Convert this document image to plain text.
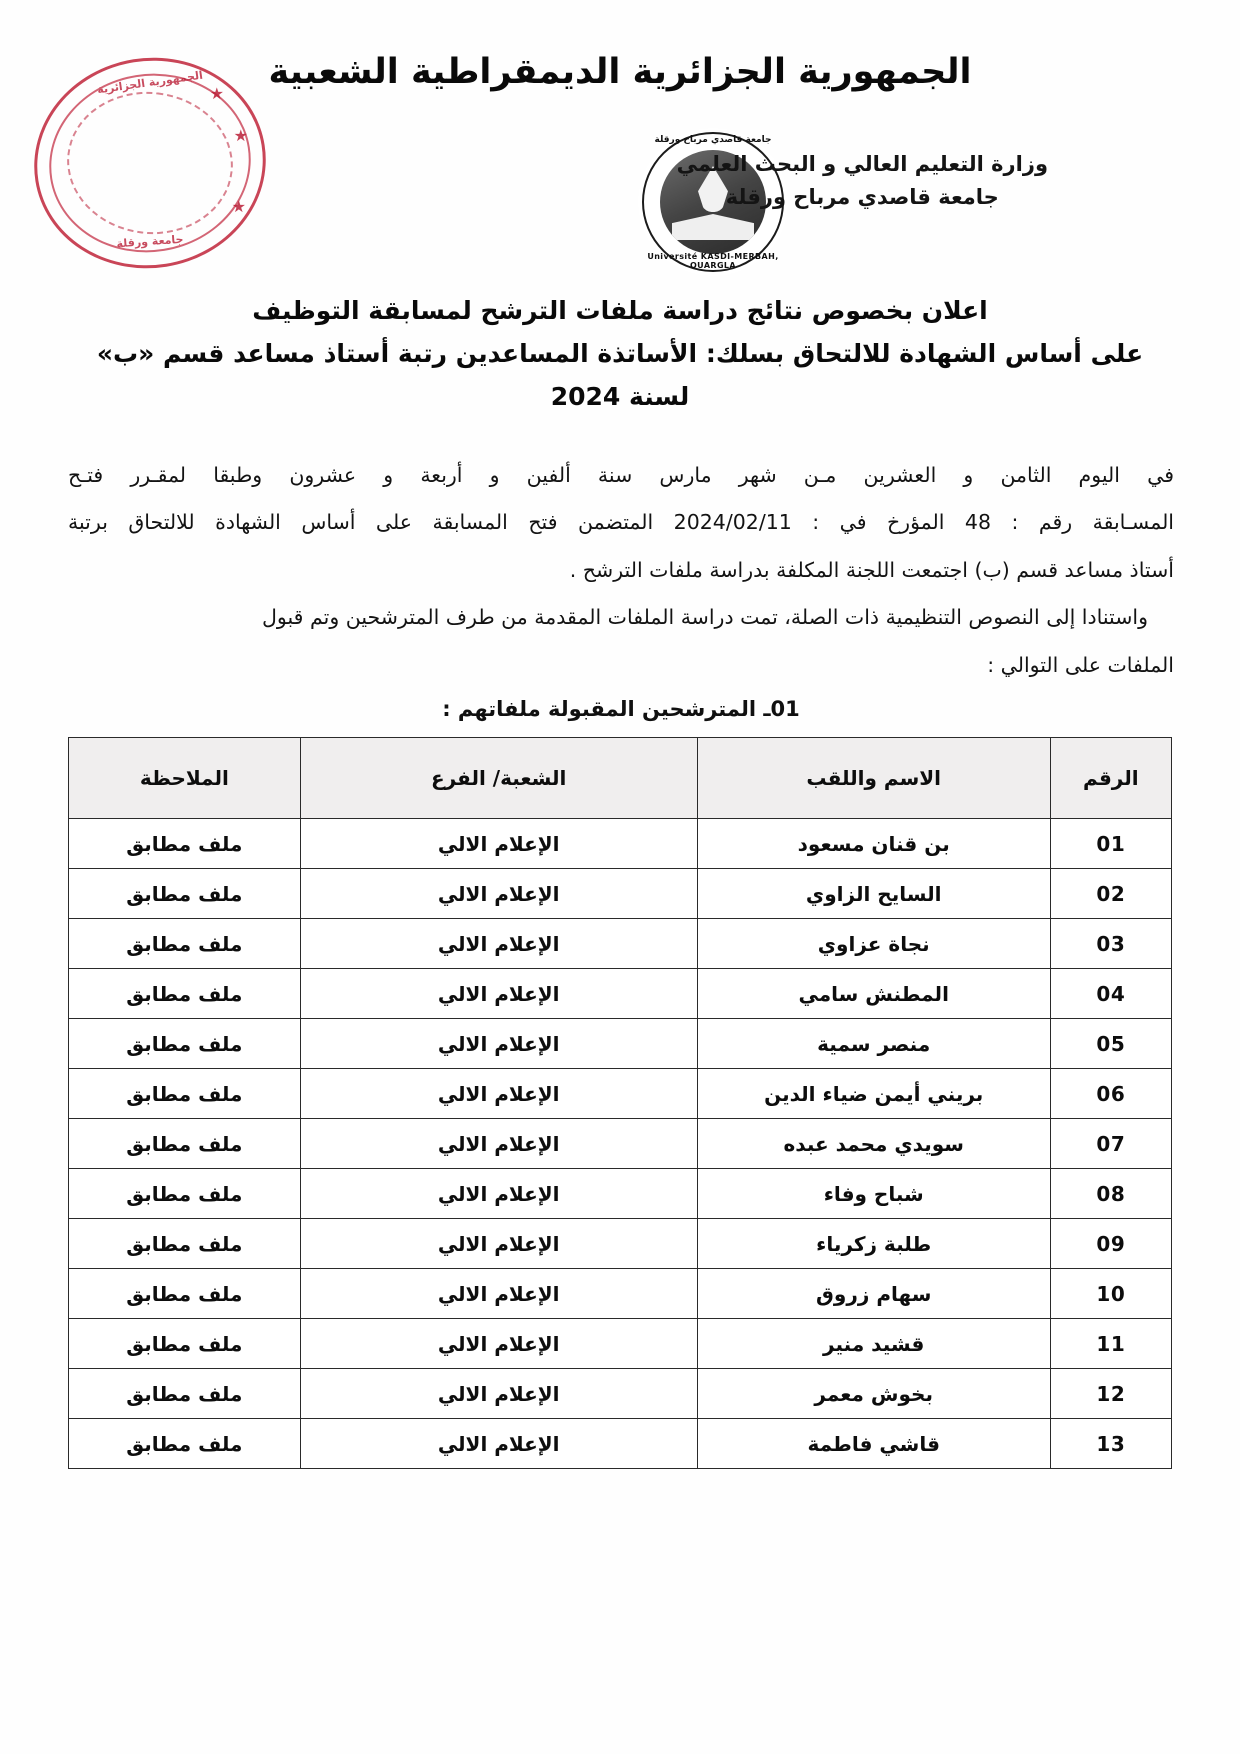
الجمهورية الجزائرية
جامعة ورقلة
★
★
★
الجمهورية الجزائرية الديمقراطية الشعبية
جامعة قاصدي مرباح ورقلة
Université KASDI-MERBAH, OUARGLA
وزارة التعليم العالي و البحث العلمي
جامعة قاصدي مرباح ورقلة
اعلان بخصوص نتائج دراسة ملفات الترشح لمسابقة التوظيف
على أساس الشهادة للالتحاق بسلك: الأساتذة المساعدين رتبة أستاذ مساعد قسم «ب»
لسنة 2024
في اليوم الثامن و العشرين مـن شهر مارس سنة ألفين و أربعة و عشرون وطبقا لمقـرر فتـح
المسـابقة رقم : 48 المؤرخ في : 2024/02/11 المتضمن فتح المسابقة على أساس الشهادة للالتحاق برتبة
أستاذ مساعد قسم (ب) اجتمعت اللجنة المكلفة بدراسة ملفات الترشح .
واستنادا إلى النصوص التنظيمية ذات الصلة، تمت دراسة الملفات المقدمة من طرف المترشحين وتم قبول
الملفات على التوالي :
01ـ المترشحين المقبولة ملفاتهم :
الرقم	الاسم واللقب	الشعبة/ الفرع	الملاحظة
01	بن قنان مسعود	الإعلام الالي	ملف مطابق
02	السايح الزاوي	الإعلام الالي	ملف مطابق
03	نجاة عزاوي	الإعلام الالي	ملف مطابق
04	المطنش سامي	الإعلام الالي	ملف مطابق
05	منصر سمية	الإعلام الالي	ملف مطابق
06	بريني أيمن ضياء الدين	الإعلام الالي	ملف مطابق
07	سويدي محمد عبده	الإعلام الالي	ملف مطابق
08	شباح وفاء	الإعلام الالي	ملف مطابق
09	طلبة زكرياء	الإعلام الالي	ملف مطابق
10	سهام زروق	الإعلام الالي	ملف مطابق
11	قشيد منير	الإعلام الالي	ملف مطابق
12	بخوش معمر	الإعلام الالي	ملف مطابق
13	قاشي فاطمة	الإعلام الالي	ملف مطابق
